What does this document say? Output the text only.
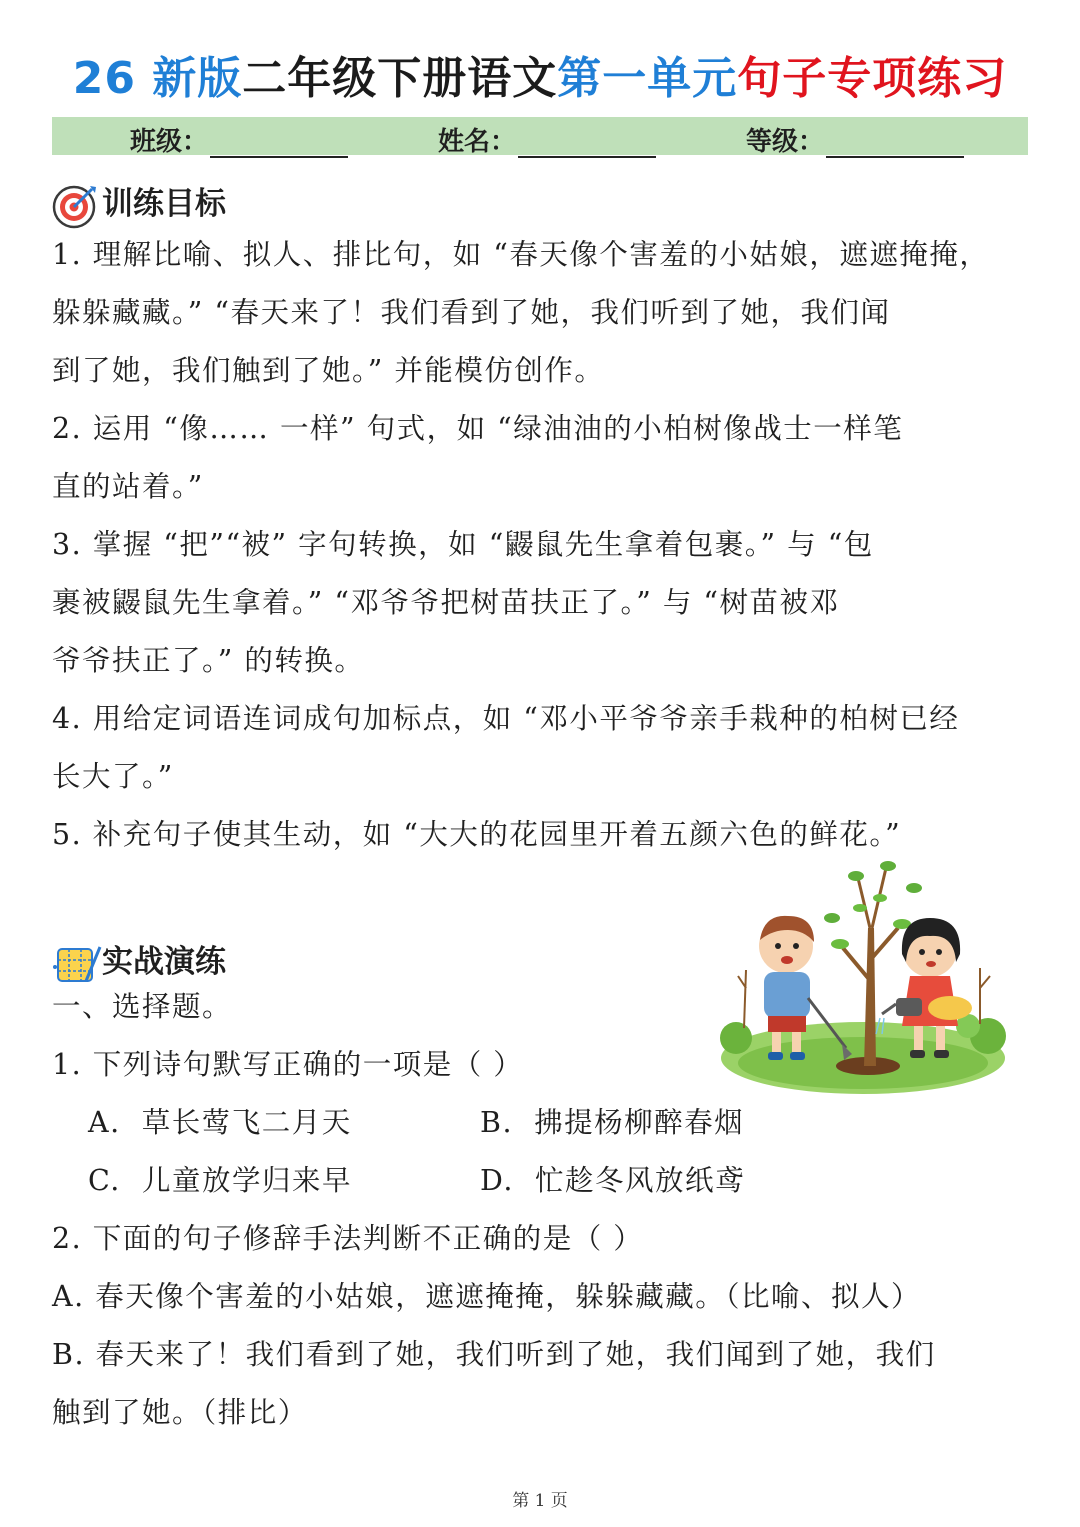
26 新版二年级下册语文第一单元句子专项练习
班级：	姓名：	等级：
训练目标
1. 理解比喻、拟人、排比句，如 “春天像个害羞的小姑娘，遮遮掩掩，
躲躲藏藏。” “春天来了！我们看到了她，我们听到了她，我们闻
到了她，我们触到了她。” 并能模仿创作。
2. 运用 “像…… 一样” 句式，如 “绿油油的小柏树像战士一样笔
直的站着。”
3. 掌握 “把”“被” 字句转换，如 “鼹鼠先生拿着包裹。” 与 “包
裹被鼹鼠先生拿着。” “邓爷爷把树苗扶正了。” 与 “树苗被邓
爷爷扶正了。” 的转换。
4. 用给定词语连词成句加标点，如 “邓小平爷爷亲手栽种的柏树已经
长大了。”
5. 补充句子使其生动，如 “大大的花园里开着五颜六色的鲜花。”
实战演练
一、选择题。
1. 下列诗句默写正确的一项是（ ）
A. 草长莺飞二月天	B. 拂提杨柳醉春烟
C. 儿童放学归来早	D. 忙趁冬风放纸鸢
2. 下面的句子修辞手法判断不正确的是（ ）
A. 春天像个害羞的小姑娘，遮遮掩掩，躲躲藏藏。（比喻、拟人）
B. 春天来了！我们看到了她，我们听到了她，我们闻到了她，我们
触到了她。（排比）
第 1 页
